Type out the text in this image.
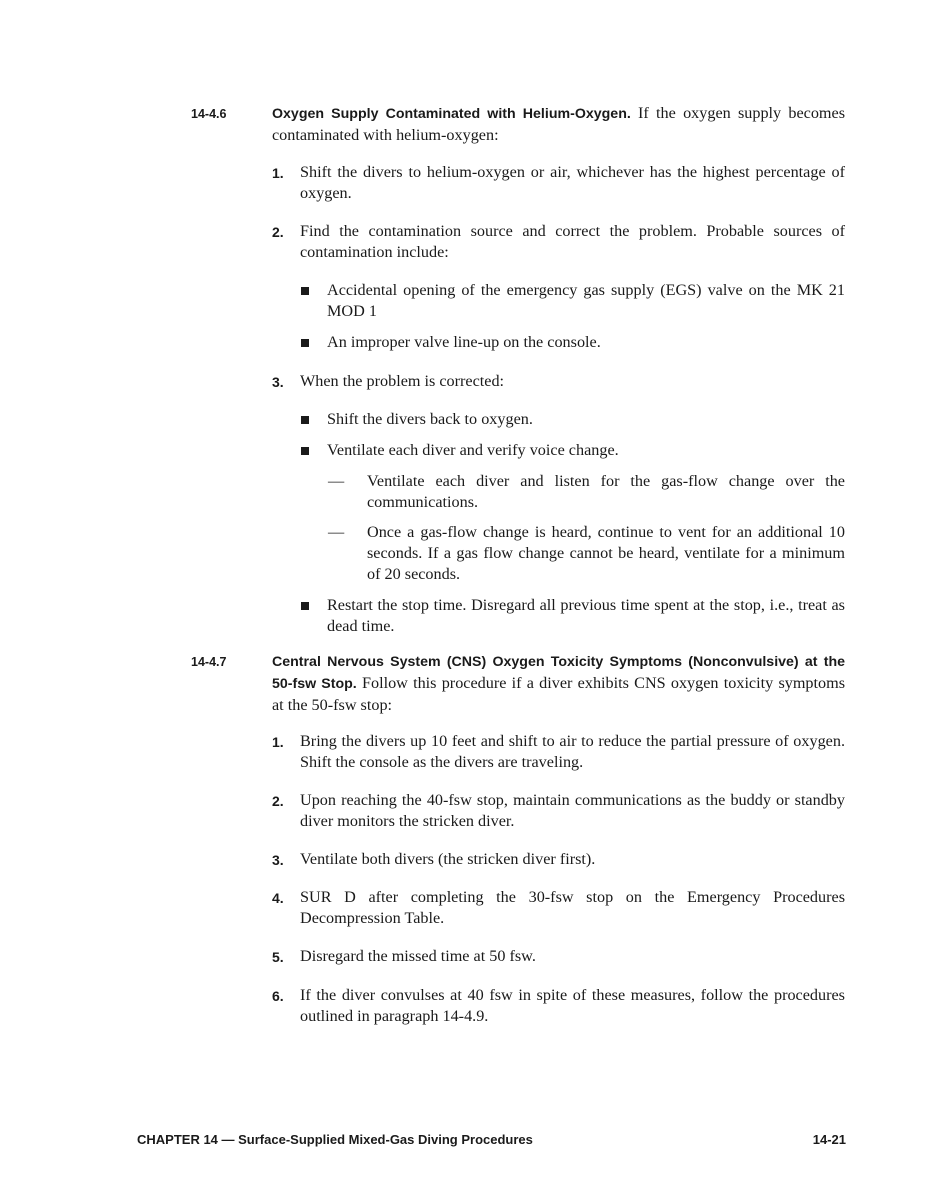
14-4.6	Oxygen Supply Contaminated with Helium-Oxygen. If the oxygen supply becomes contaminated with helium-oxygen:
1. Shift the divers to helium-oxygen or air, whichever has the highest percentage of oxygen.
2. Find the contamination source and correct the problem. Probable sources of contamination include:
Accidental opening of the emergency gas supply (EGS) valve on the MK 21 MOD 1
An improper valve line-up on the console.
3. When the problem is corrected:
Shift the divers back to oxygen.
Ventilate each diver and verify voice change.
— Ventilate each diver and listen for the gas-flow change over the communications.
— Once a gas-flow change is heard, continue to vent for an additional 10 seconds. If a gas flow change cannot be heard, ventilate for a minimum of 20 seconds.
Restart the stop time. Disregard all previous time spent at the stop, i.e., treat as dead time.
14-4.7	Central Nervous System (CNS) Oxygen Toxicity Symptoms (Nonconvulsive) at the 50-fsw Stop. Follow this procedure if a diver exhibits CNS oxygen toxicity symptoms at the 50-fsw stop:
1. Bring the divers up 10 feet and shift to air to reduce the partial pressure of oxygen. Shift the console as the divers are traveling.
2. Upon reaching the 40-fsw stop, maintain communications as the buddy or standby diver monitors the stricken diver.
3. Ventilate both divers (the stricken diver first).
4. SUR D after completing the 30-fsw stop on the Emergency Procedures Decompression Table.
5. Disregard the missed time at 50 fsw.
6. If the diver convulses at 40 fsw in spite of these measures, follow the procedures outlined in paragraph 14-4.9.
CHAPTER 14 — Surface-Supplied Mixed-Gas Diving Procedures	14-21
